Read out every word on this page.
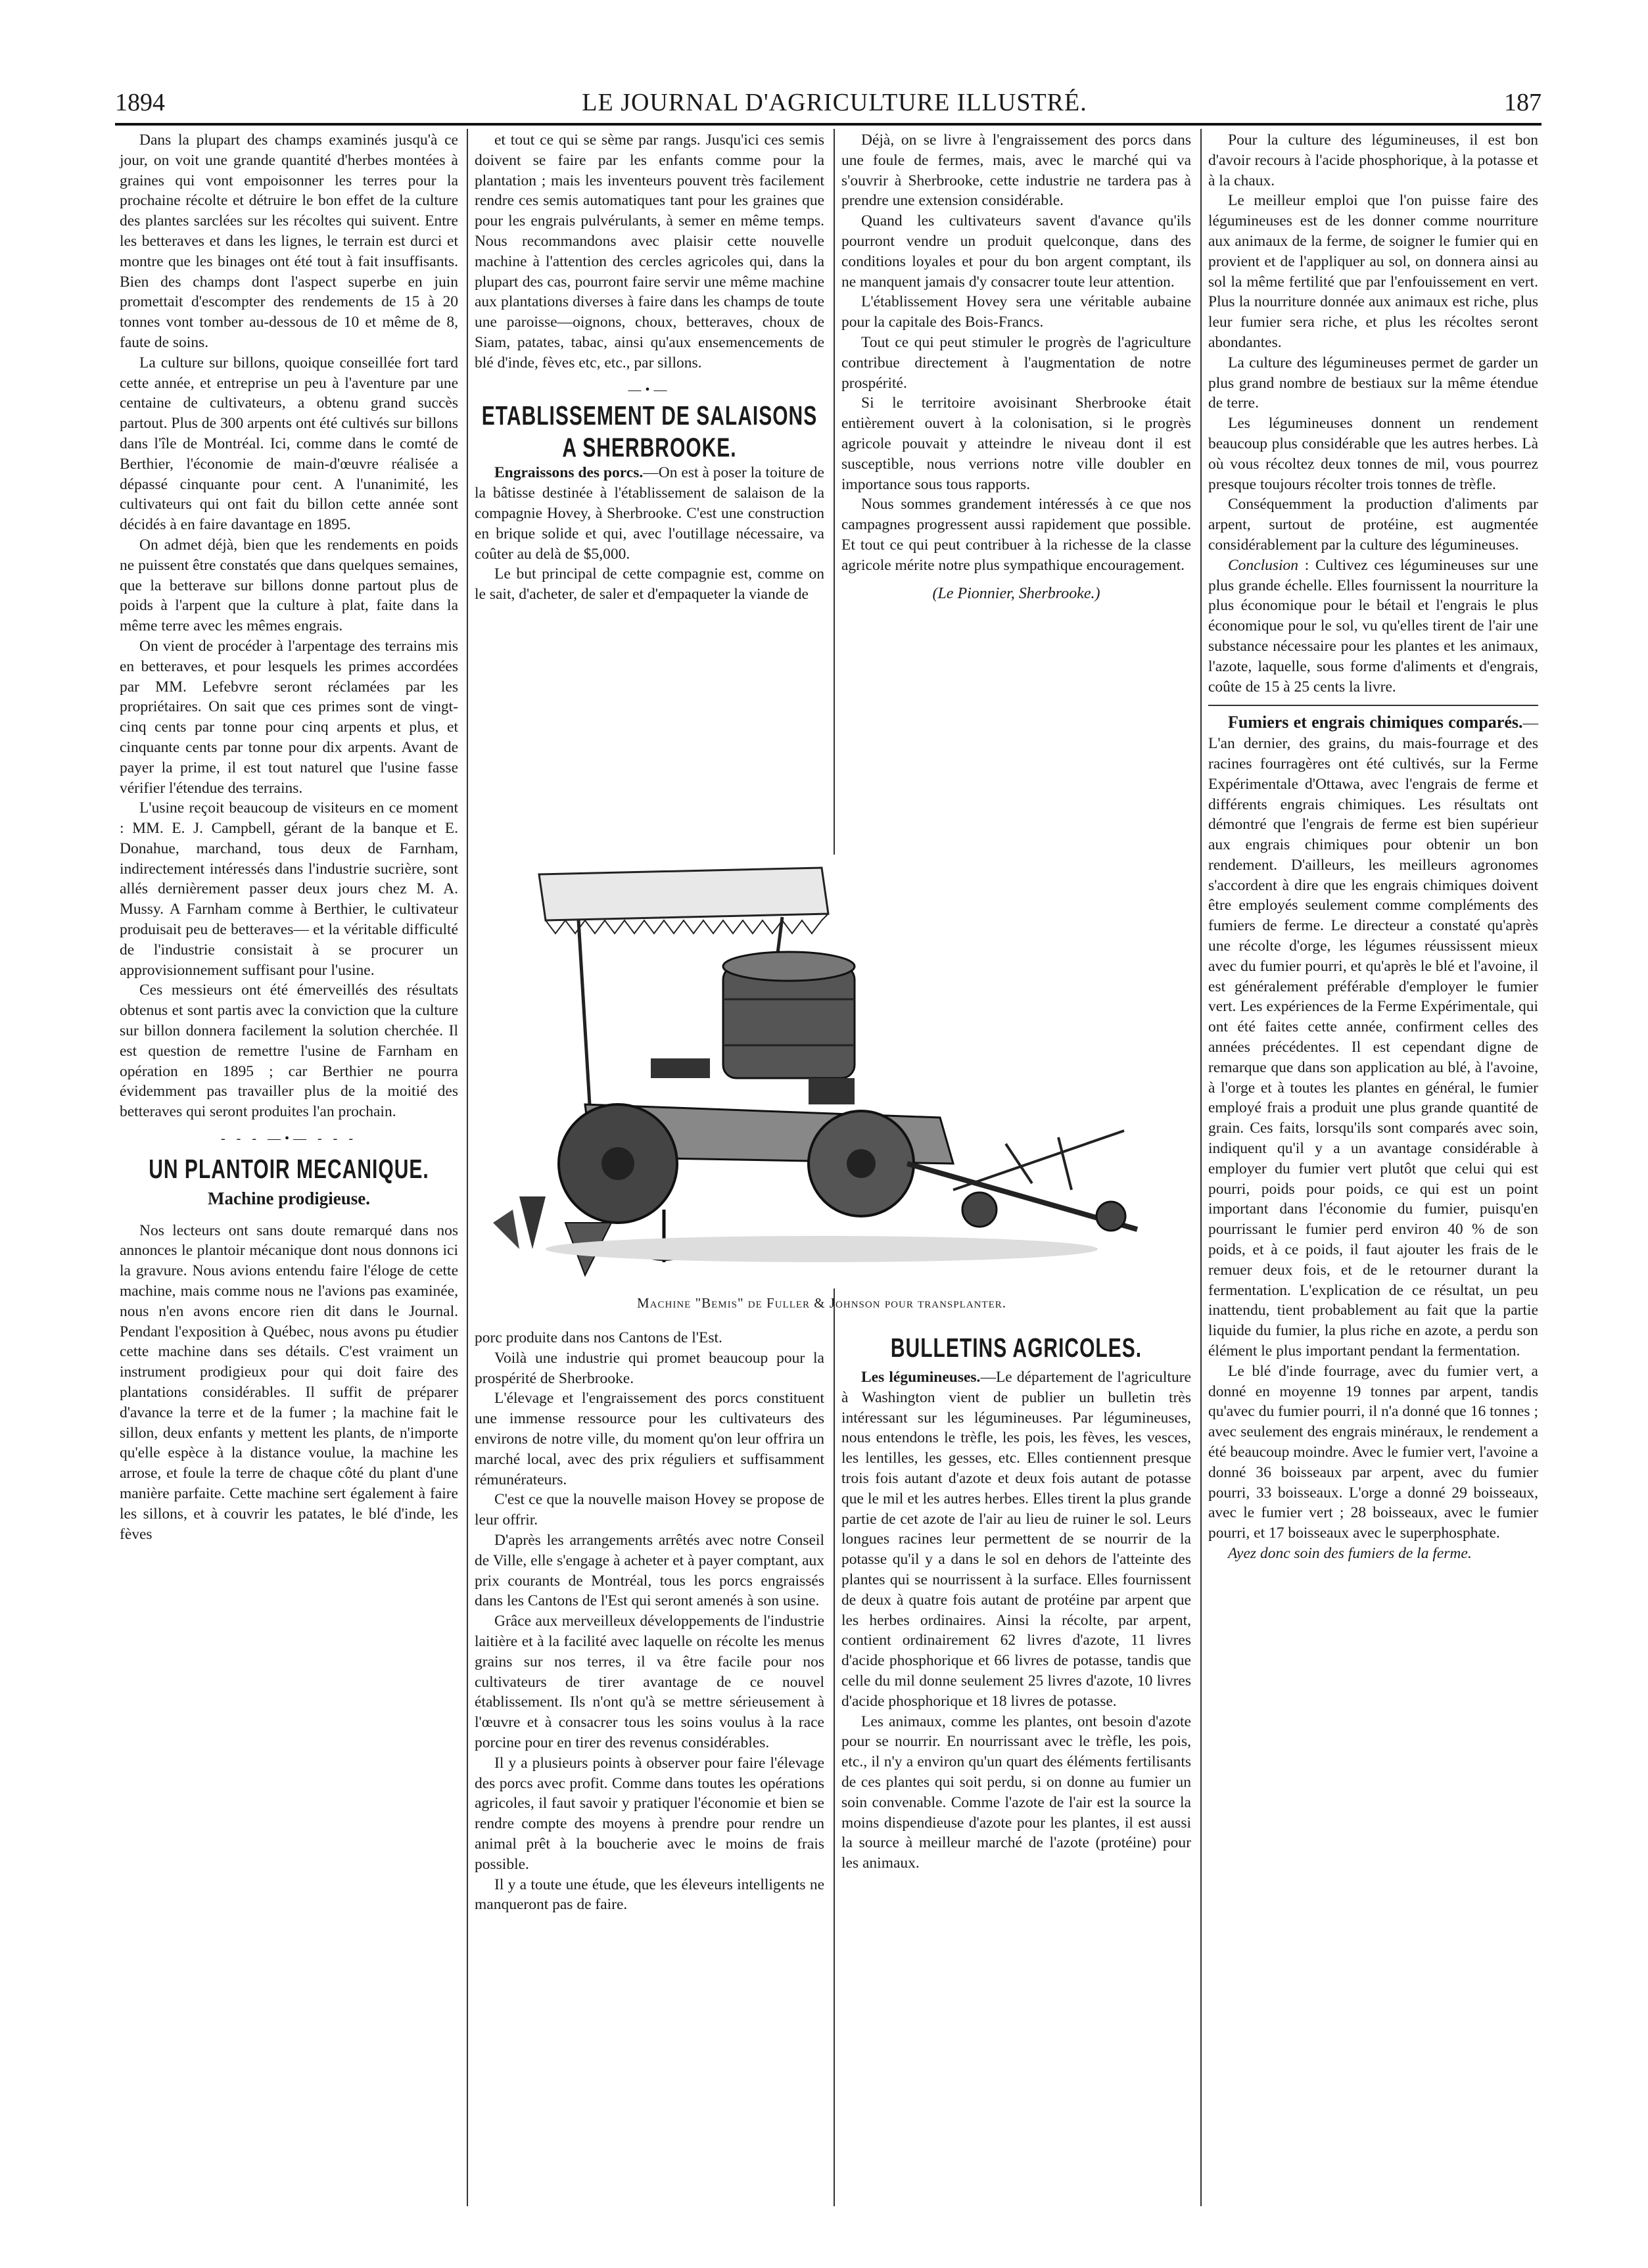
1894	LE JOURNAL D'AGRICULTURE ILLUSTRÉ.	187

Dans la plupart des champs examinés jusqu'à ce jour, on voit une grande quantité d'herbes montées à graines qui vont empoisonner les terres pour la prochaine récolte et détruire le bon effet de la culture des plantes sarclées sur les récoltes qui suivent. Entre les betteraves et dans les lignes, le terrain est durci et montre que les binages ont été tout à fait insuffisants. Bien des champs dont l'aspect superbe en juin promettait d'escompter des rendements de 15 à 20 tonnes vont tomber au-dessous de 10 et même de 8, faute de soins.

La culture sur billons, quoique conseillée fort tard cette année, et entreprise un peu à l'aventure par une centaine de cultivateurs, a obtenu grand succès partout. Plus de 300 arpents ont été cultivés sur billons dans l'île de Montréal. Ici, comme dans le comté de Berthier, l'économie de main-d'œuvre réalisée a dépassé cinquante pour cent. A l'unanimité, les cultivateurs qui ont fait du billon cette année sont décidés à en faire davantage en 1895.

On admet déjà, bien que les rendements en poids ne puissent être constatés que dans quelques semaines, que la betterave sur billons donne partout plus de poids à l'arpent que la culture à plat, faite dans la même terre avec les mêmes engrais.

On vient de procéder à l'arpentage des terrains mis en betteraves, et pour lesquels les primes accordées par MM. Lefebvre seront réclamées par les propriétaires. On sait que ces primes sont de vingt-cinq cents par tonne pour cinq arpents et plus, et cinquante cents par tonne pour dix arpents. Avant de payer la prime, il est tout naturel que l'usine fasse vérifier l'étendue des terrains.

L'usine reçoit beaucoup de visiteurs en ce moment : MM. E. J. Campbell, gérant de la banque et E. Donahue, marchand, tous deux de Farnham, indirectement intéressés dans l'industrie sucrière, sont allés dernièrement passer deux jours chez M. A. Mussy. A Farnham comme à Berthier, le cultivateur produisait peu de betteraves— et la véritable difficulté de l'industrie consistait à se procurer un approvisionnement suffisant pour l'usine.

Ces messieurs ont été émerveillés des résultats obtenus et sont partis avec la conviction que la culture sur billon donnera facilement la solution cherchée. Il est question de remettre l'usine de Farnham en opération en 1895 ; car Berthier ne pourra évidemment pas travailler plus de la moitié des betteraves qui seront produites l'an prochain.

- - - —•— - - -
UN PLANTOIR MECANIQUE.
Machine prodigieuse.

Nos lecteurs ont sans doute remarqué dans nos annonces le plantoir mécanique dont nous donnons ici la gravure. Nous avions entendu faire l'éloge de cette machine, mais comme nous ne l'avions pas examinée, nous n'en avons encore rien dit dans le Journal. Pendant l'exposition à Québec, nous avons pu étudier cette machine dans ses détails. C'est vraiment un instrument prodigieux pour qui doit faire des plantations considérables. Il suffit de préparer d'avance la terre et de la fumer ; la machine fait le sillon, deux enfants y mettent les plants, de n'importe qu'elle espèce à la distance voulue, la machine les arrose, et foule la terre de chaque côté du plant d'une manière parfaite. Cette machine sert également à faire les sillons, et à couvrir les patates, le blé d'inde, les fèves

et tout ce qui se sème par rangs. Jusqu'ici ces semis doivent se faire par les enfants comme pour la plantation ; mais les inventeurs pouvent très facilement rendre ces semis automatiques tant pour les graines que pour les engrais pulvérulants, à semer en même temps. Nous recommandons avec plaisir cette nouvelle machine à l'attention des cercles agricoles qui, dans la plupart des cas, pourront faire servir une même machine aux plantations diverses à faire dans les champs de toute une paroisse—oignons, choux, betteraves, choux de Siam, patates, tabac, ainsi qu'aux ensemencements de blé d'inde, fèves etc, etc., par sillons.

—•—
ETABLISSEMENT DE SALAISONS A SHERBROOKE.

Engraissons des porcs.—On est à poser la toiture de la bâtisse destinée à l'établissement de salaison de la compagnie Hovey, à Sherbrooke. C'est une construction en brique solide et qui, avec l'outillage nécessaire, va coûter au delà de $5,000.

Le but principal de cette compagnie est, comme on le sait, d'acheter, de saler et d'empaqueter la viande de

porc produite dans nos Cantons de l'Est.

Voilà une industrie qui promet beaucoup pour la prospérité de Sherbrooke.

L'élevage et l'engraissement des porcs constituent une immense ressource pour les cultivateurs des environs de notre ville, du moment qu'on leur offrira un marché local, avec des prix réguliers et suffisamment rémunérateurs.

C'est ce que la nouvelle maison Hovey se propose de leur offrir.

D'après les arrangements arrêtés avec notre Conseil de Ville, elle s'engage à acheter et à payer comptant, aux prix courants de Montréal, tous les porcs engraissés dans les Cantons de l'Est qui seront amenés à son usine.

Grâce aux merveilleux développements de l'industrie laitière et à la facilité avec laquelle on récolte les menus grains sur nos terres, il va être facile pour nos cultivateurs de tirer avantage de ce nouvel établissement. Ils n'ont qu'à se mettre sérieusement à l'œuvre et à consacrer tous les soins voulus à la race porcine pour en tirer des revenus considérables.

Il y a plusieurs points à observer pour faire l'élevage des porcs avec profit. Comme dans toutes les opérations agricoles, il faut savoir y pratiquer l'économie et bien se rendre compte des moyens à prendre pour rendre un animal prêt à la boucherie avec le moins de frais possible.

Il y a toute une étude, que les éleveurs intelligents ne manqueront pas de faire.

Déjà, on se livre à l'engraissement des porcs dans une foule de fermes, mais, avec le marché qui va s'ouvrir à Sherbrooke, cette industrie ne tardera pas à prendre une extension considérable.

Quand les cultivateurs savent d'avance qu'ils pourront vendre un produit quelconque, dans des conditions loyales et pour du bon argent comptant, ils ne manquent jamais d'y consacrer toute leur attention.

L'établissement Hovey sera une véritable aubaine pour la capitale des Bois-Francs.

Tout ce qui peut stimuler le progrès de l'agriculture contribue directement à l'augmentation de notre prospérité.

Si le territoire avoisinant Sherbrooke était entièrement ouvert à la colonisation, si le progrès agricole pouvait y atteindre le niveau dont il est susceptible, nous verrions notre ville doubler en importance sous tous rapports.

Nous sommes grandement intéressés à ce que nos campagnes progressent aussi rapidement que possible. Et tout ce qui peut contribuer à la richesse de la classe agricole mérite notre plus sympathique encouragement.

(Le Pionnier, Sherbrooke.)
BULLETINS AGRICOLES.

Les légumineuses.—Le département de l'agriculture à Washington vient de publier un bulletin très intéressant sur les légumineuses. Par légumineuses, nous entendons le trèfle, les pois, les fèves, les vesces, les lentilles, les gesses, etc. Elles contiennent presque trois fois autant d'azote et deux fois autant de potasse que le mil et les autres herbes. Elles tirent la plus grande partie de cet azote de l'air au lieu de ruiner le sol. Leurs longues racines leur permettent de se nourrir de la potasse qu'il y a dans le sol en dehors de l'atteinte des plantes qui se nourrissent à la surface. Elles fournissent de deux à quatre fois autant de protéine par arpent que les herbes ordinaires. Ainsi la récolte, par arpent, contient ordinairement 62 livres d'azote, 11 livres d'acide phosphorique et 66 livres de potasse, tandis que celle du mil donne seulement 25 livres d'azote, 10 livres d'acide phosphorique et 18 livres de potasse.

Les animaux, comme les plantes, ont besoin d'azote pour se nourrir. En nourrissant avec le trèfle, les pois, etc., il n'y a environ qu'un quart des éléments fertilisants de ces plantes qui soit perdu, si on donne au fumier un soin convenable. Comme l'azote de l'air est la source la moins dispendieuse d'azote pour les plantes, il est aussi la source à meilleur marché de l'azote (protéine) pour les animaux.

Pour la culture des légumineuses, il est bon d'avoir recours à l'acide phosphorique, à la potasse et à la chaux.

Le meilleur emploi que l'on puisse faire des légumineuses est de les donner comme nourriture aux animaux de la ferme, de soigner le fumier qui en provient et de l'appliquer au sol, on donnera ainsi au sol la même fertilité que par l'enfouissement en vert. Plus la nourriture donnée aux animaux est riche, plus leur fumier sera riche, et plus les récoltes seront abondantes.

La culture des légumineuses permet de garder un plus grand nombre de bestiaux sur la même étendue de terre.

Les légumineuses donnent un rendement beaucoup plus considérable que les autres herbes. Là où vous récoltez deux tonnes de mil, vous pourrez presque toujours récolter trois tonnes de trèfle.

Conséquemment la production d'aliments par arpent, surtout de protéine, est augmentée considérablement par la culture des légumineuses.

Conclusion : Cultivez ces légumineuses sur une plus grande échelle. Elles fournissent la nourriture la plus économique pour le bétail et l'engrais le plus économique pour le sol, vu qu'elles tirent de l'air une substance nécessaire pour les plantes et les animaux, l'azote, laquelle, sous forme d'aliments et d'engrais, coûte de 15 à 25 cents la livre.

Fumiers et engrais chimiques comparés.—L'an dernier, des grains, du mais-fourrage et des racines fourragères ont été cultivés, sur la Ferme Expérimentale d'Ottawa, avec l'engrais de ferme et différents engrais chimiques. Les résultats ont démontré que l'engrais de ferme est bien supérieur aux engrais chimiques pour obtenir un bon rendement. D'ailleurs, les meilleurs agronomes s'accordent à dire que les engrais chimiques doivent être employés seulement comme compléments des fumiers de ferme. Le directeur a constaté qu'après une récolte d'orge, les légumes réussissent mieux avec du fumier pourri, et qu'après le blé et l'avoine, il est généralement préférable d'employer le fumier vert. Les expériences de la Ferme Expérimentale, qui ont été faites cette année, confirment celles des années précédentes. Il est cependant digne de remarque que dans son application au blé, à l'avoine, à l'orge et à toutes les plantes en général, le fumier employé frais a produit une plus grande quantité de grain. Ces faits, lorsqu'ils sont comparés avec soin, indiquent qu'il y a un avantage considérable à employer du fumier vert plutôt que celui qui est pourri, poids pour poids, ce qui est un point important dans l'économie du fumier, puisqu'en pourrissant le fumier perd environ 40 % de son poids, et à ce poids, il faut ajouter les frais de le remuer deux fois, et de le retourner durant la fermentation. L'explication de ce résultat, un peu inattendu, tient probablement au fait que la partie liquide du fumier, la plus riche en azote, a perdu son élément le plus important pendant la fermentation.

Le blé d'inde fourrage, avec du fumier vert, a donné en moyenne 19 tonnes par arpent, tandis qu'avec du fumier pourri, il n'a donné que 16 tonnes ; avec seulement des engrais minéraux, le rendement a été beaucoup moindre. Avec le fumier vert, l'avoine a donné 36 boisseaux par arpent, avec du fumier pourri, 33 boisseaux. L'orge a donné 29 boisseaux, avec le fumier vert ; 28 boisseaux, avec le fumier pourri, et 17 boisseaux avec le superphosphate.

Ayez donc soin des fumiers de la ferme.

Machine "Bemis" de Fuller & Johnson pour transplanter.
